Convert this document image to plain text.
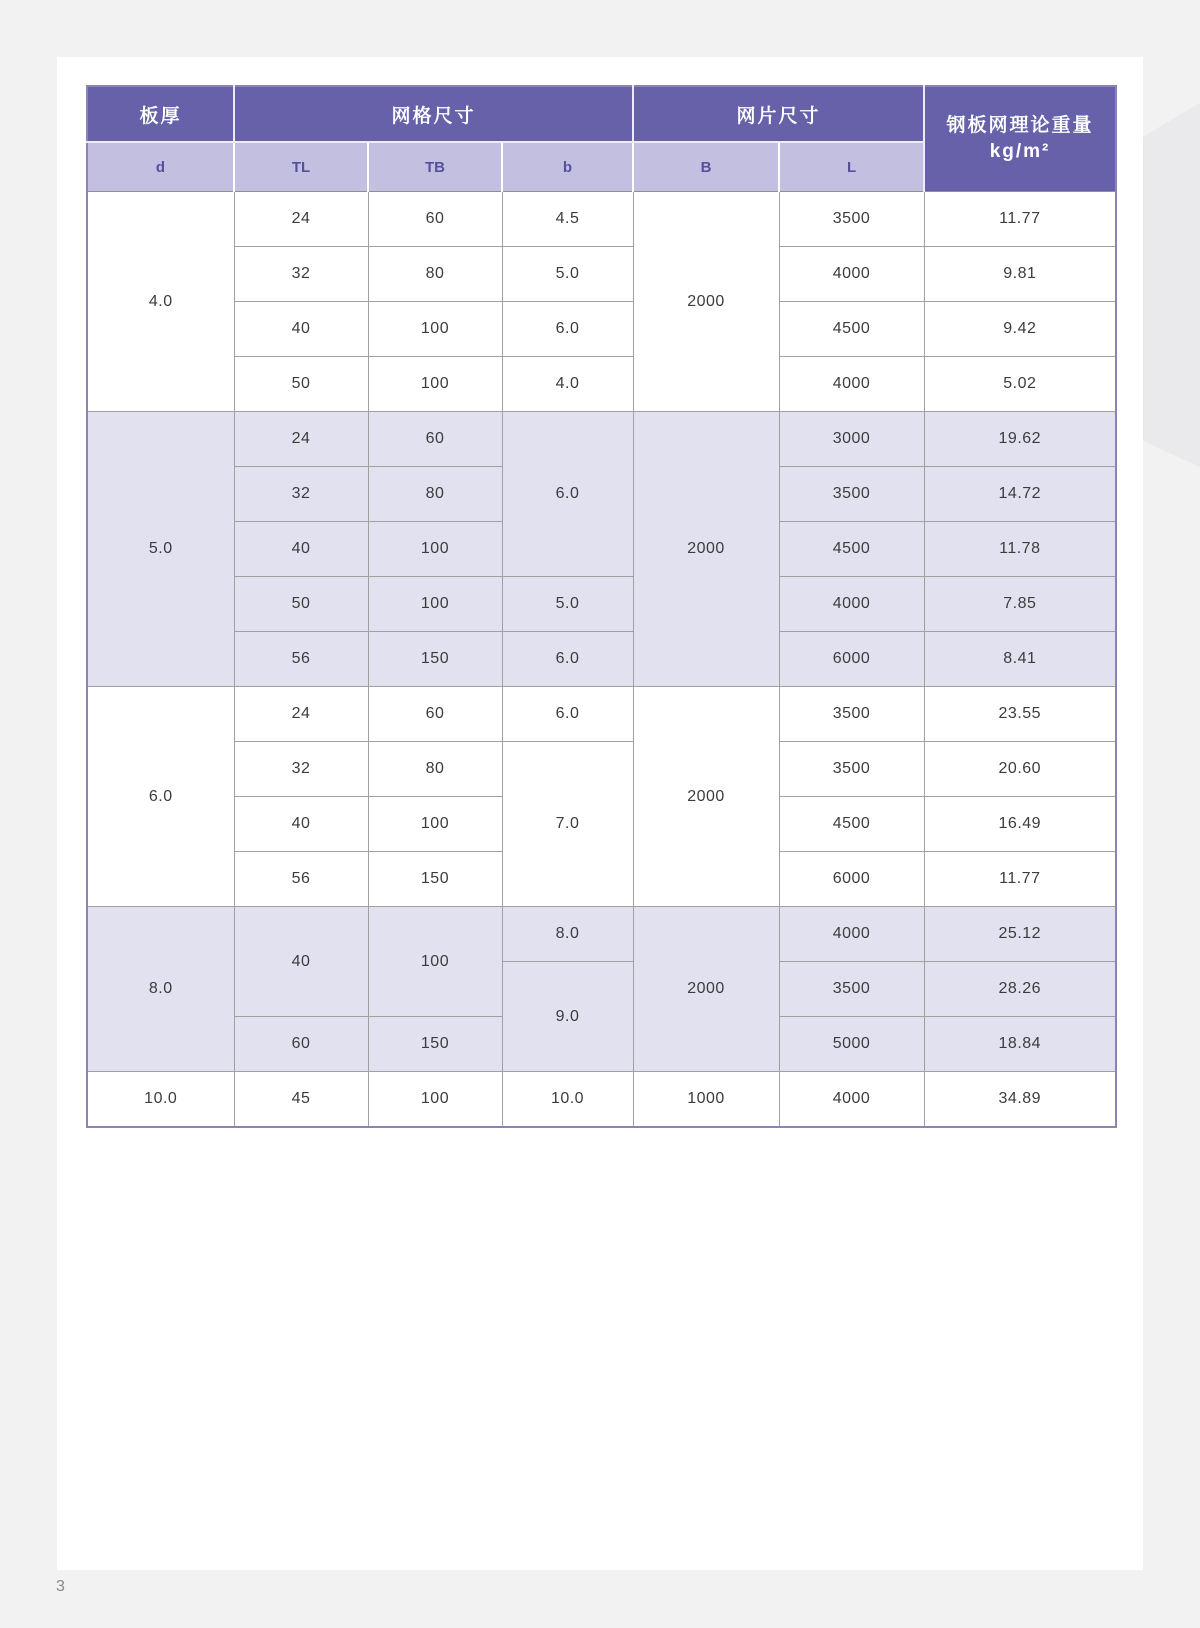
板厚	网格尺寸			网片尺寸		钢板网理论重量
kg/m²

d	TL	TB	b	B	L	
4.0	24	60	4.5	2000	3500	11.77
	32	80	5.0		4000	9.81
	40	100	6.0		4500	9.42
	50	100	4.0		4000	5.02
5.0	24	60	6.0	2000	3000	19.62
	32	80			3500	14.72
	40	100			4500	11.78
	50	100	5.0		4000	7.85
	56	150	6.0		6000	8.41
6.0	24	60	6.0	2000	3500	23.55
	32	80	7.0		3500	20.60
	40	100			4500	16.49
	56	150			6000	11.77
8.0	40	100	8.0	2000	4000	25.12
			9.0		3500	28.26
	60	150			5000	18.84
10.0	45	100	10.0	1000	4000	34.89
3
